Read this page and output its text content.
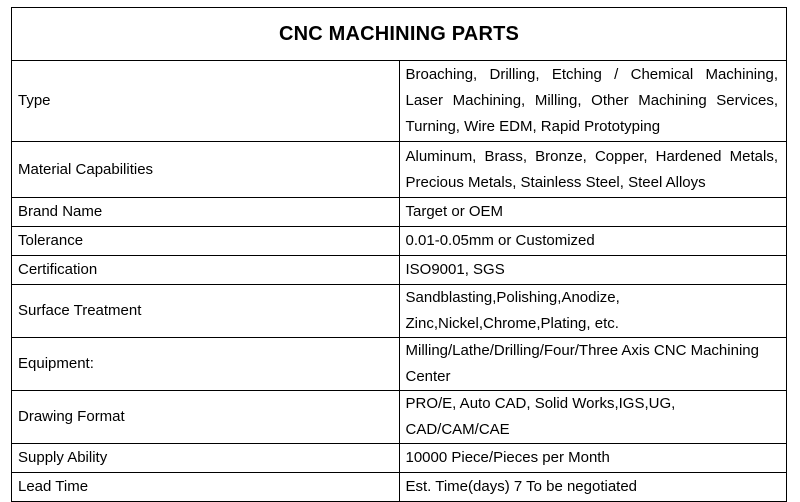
CNC MACHINING PARTS	
Type	Broaching, Drilling, Etching / Chemical Machining, Laser Machining, Milling, Other Machining Services, Turning, Wire EDM, Rapid Prototyping
Material Capabilities	Aluminum, Brass, Bronze, Copper, Hardened Metals, Precious Metals, Stainless Steel, Steel Alloys
Brand Name	Target or OEM
Tolerance	0.01-0.05mm or Customized
Certification	ISO9001, SGS
Surface Treatment	Sandblasting,Polishing,Anodize, Zinc,Nickel,Chrome,Plating, etc.
Equipment:	Milling/Lathe/Drilling/Four/Three Axis CNC Machining Center
Drawing Format	PRO/E, Auto CAD, Solid Works,IGS,UG, CAD/CAM/CAE
Supply Ability	10000 Piece/Pieces per Month
Lead Time	Est. Time(days) 7 To be negotiated
